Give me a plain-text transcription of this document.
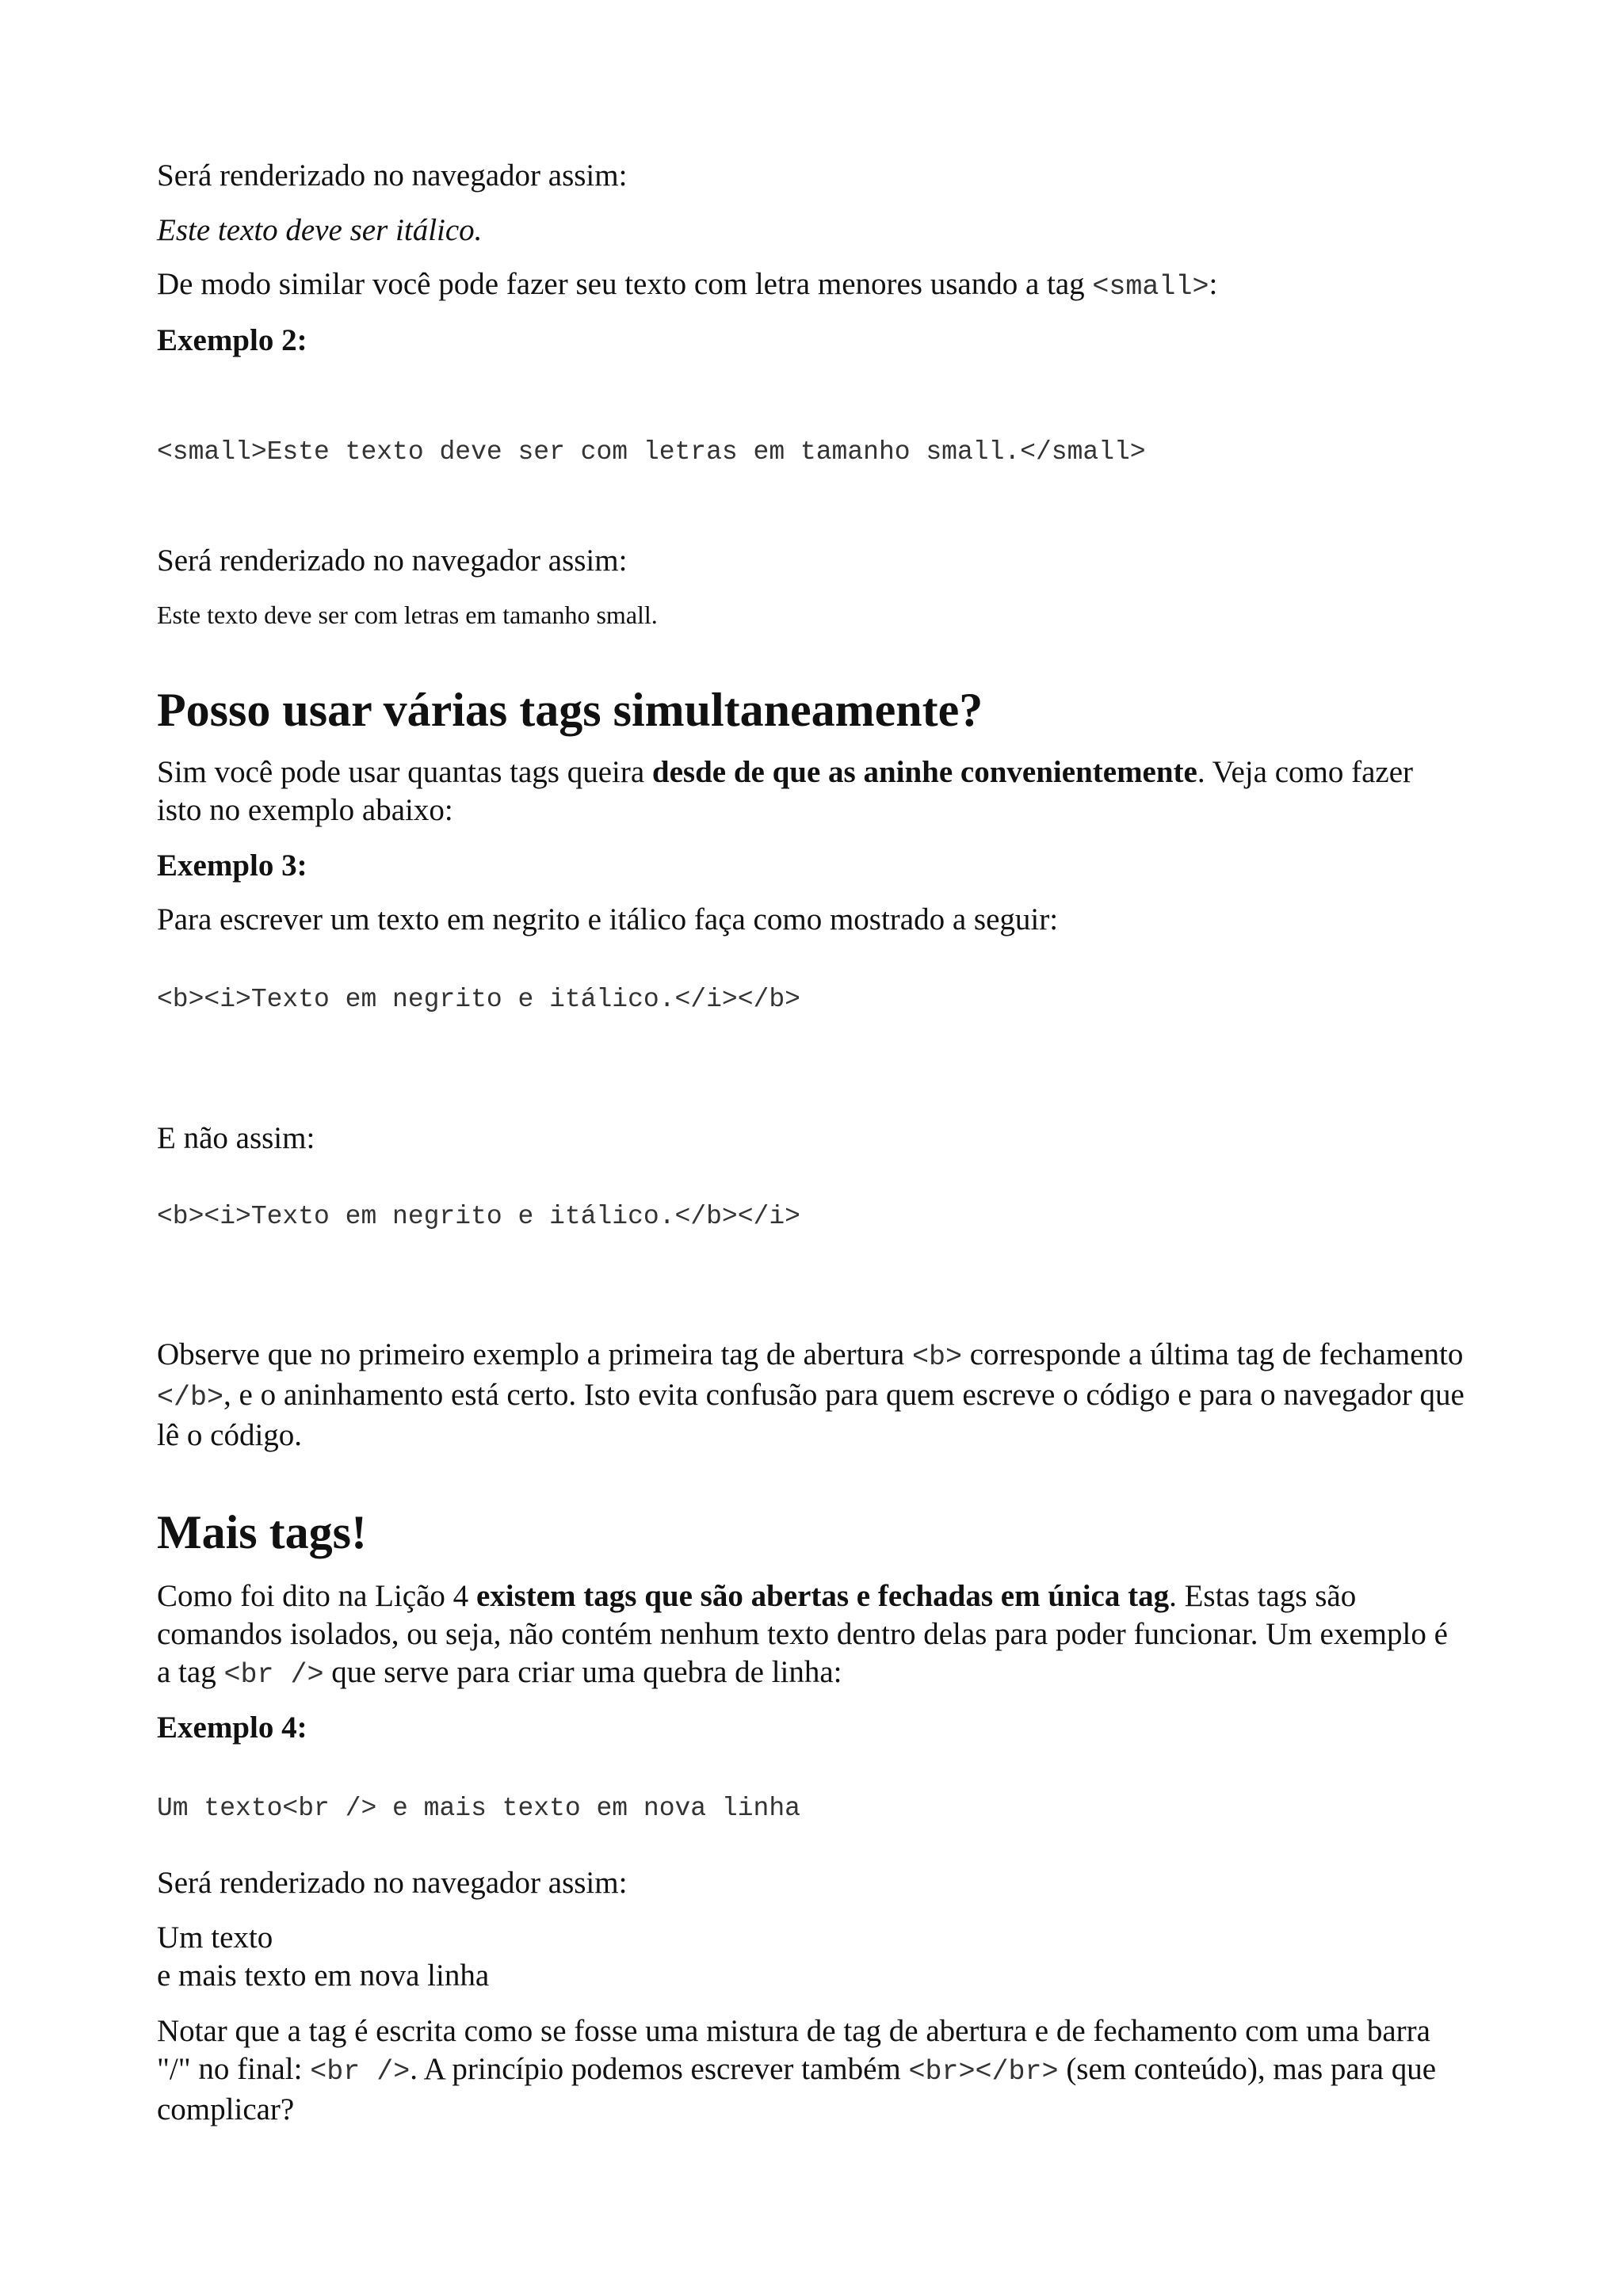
Será renderizado no navegador assim:

Este texto deve ser itálico.

De modo similar você pode fazer seu texto com letra menores usando a tag <small>:

Exemplo 2:

<small>Este texto deve ser com letras em tamanho small.</small>

Será renderizado no navegador assim:

Este texto deve ser com letras em tamanho small.

Posso usar várias tags simultaneamente?

Sim você pode usar quantas tags queira desde de que as aninhe convenientemente. Veja como fazer isto no exemplo abaixo:

Exemplo 3:

Para escrever um texto em negrito e itálico faça como mostrado a seguir:

<b><i>Texto em negrito e itálico.</i></b>

E não assim:

<b><i>Texto em negrito e itálico.</b></i>

Observe que no primeiro exemplo a primeira tag de abertura <b> corresponde a última tag de fechamento </b>, e o aninhamento está certo. Isto evita confusão para quem escreve o código e para o navegador que lê o código.

Mais tags!

Como foi dito na Lição 4 existem tags que são abertas e fechadas em única tag. Estas tags são comandos isolados, ou seja, não contém nenhum texto dentro delas para poder funcionar. Um exemplo é a tag <br /> que serve para criar uma quebra de linha:

Exemplo 4:

Um texto<br /> e mais texto em nova linha

Será renderizado no navegador assim:

Um texto
e mais texto em nova linha

Notar que a tag é escrita como se fosse uma mistura de tag de abertura e de fechamento com uma barra "/" no final: <br />. A princípio podemos escrever também <br></br> (sem conteúdo), mas para que complicar?
